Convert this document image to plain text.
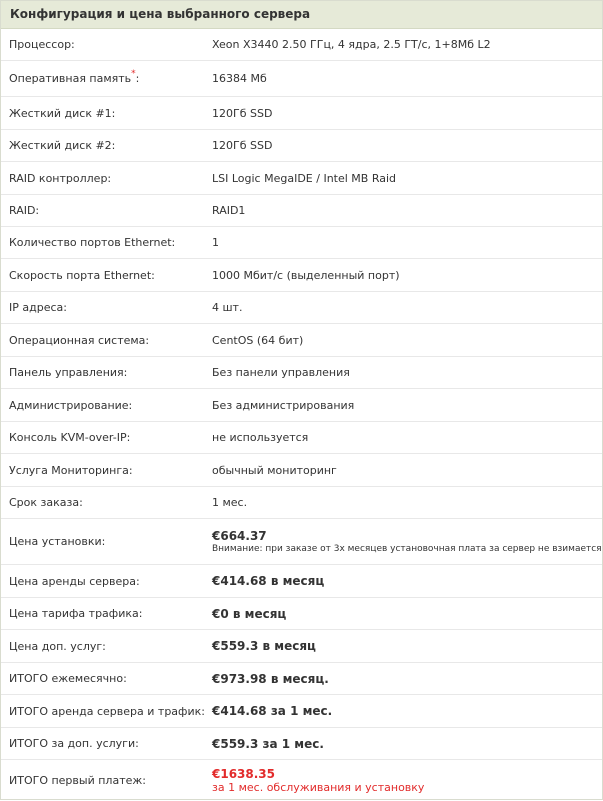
Конфигурация и цена выбранного сервера
Процессор:	Xeon X3440 2.50 ГГц, 4 ядра, 2.5 ГТ/с, 1+8Мб L2
Оперативная память*:	16384 Мб
Жесткий диск #1:	120Гб SSD
Жесткий диск #2:	120Гб SSD
RAID контроллер:	LSI Logic MegaIDE / Intel MB Raid
RAID:	RAID1
Количество портов Ethernet:	1
Скорость порта Ethernet:	1000 Мбит/с (выделенный порт)
IP адреса:	4 шт.
Операционная система:	CentOS (64 бит)
Панель управления:	Без панели управления
Администрирование:	Без администрирования
Консоль KVM-over-IP:	не используется
Услуга Мониторинга:	обычный мониторинг
Срок заказа:	1 мес.
Цена установки:	€664.37
Внимание: при заказе от 3х месяцев установочная плата за сервер не взимается

Цена аренды сервера:	€414.68 в месяц
Цена тарифа трафика:	€0 в месяц
Цена доп. услуг:	€559.3 в месяц
ИТОГО ежемесячно:	€973.98 в месяц.
ИТОГО аренда сервера и трафик:	€414.68 за 1 мес.
ИТОГО за доп. услуги:	€559.3 за 1 мес.
ИТОГО первый платеж:	€1638.35
за 1 мес. обслуживания и установку
